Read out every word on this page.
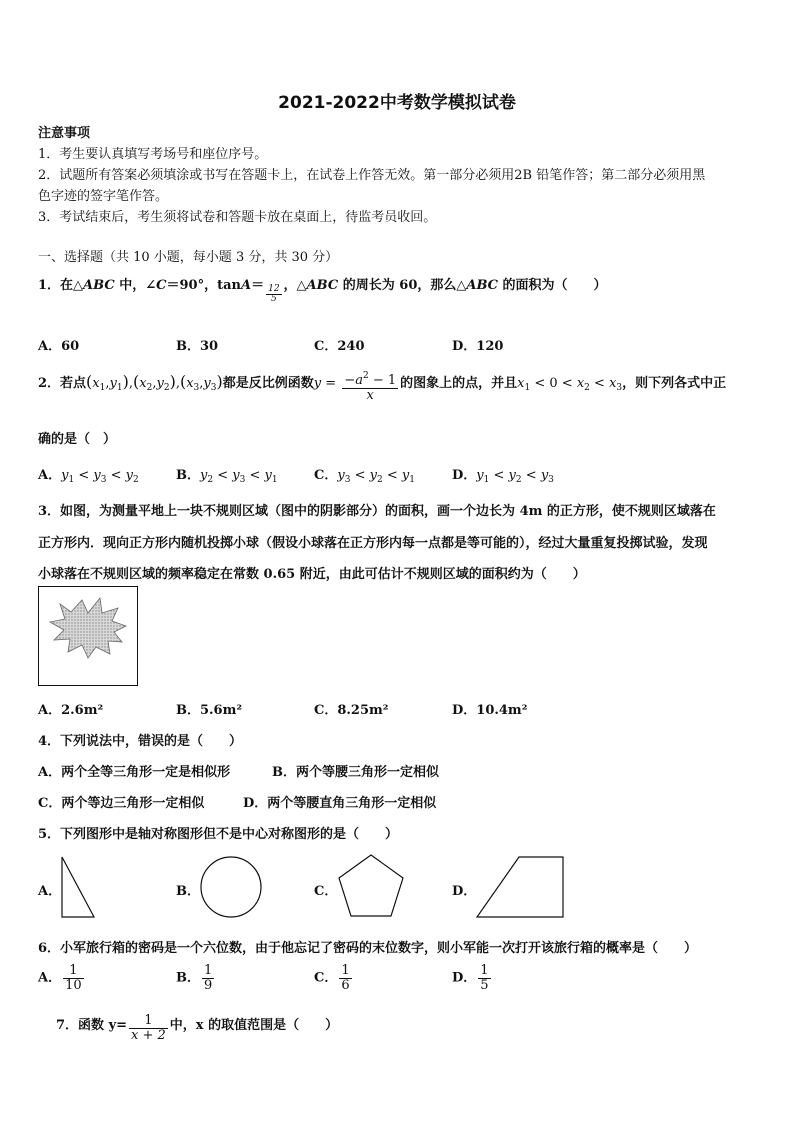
2021-2022中考数学模拟试卷
注意事项
1．考生要认真填写考场号和座位序号。
2．试题所有答案必须填涂或书写在答题卡上，在试卷上作答无效。第一部分必须用2B 铅笔作答；第二部分必须用黑
色字迹的签字笔作答。
3．考试结束后，考生须将试卷和答题卡放在桌面上，待监考员收回。
一、选择题（共 10 小题，每小题 3 分，共 30 分）
1．在△ABC 中，∠C＝90°，$\tan A= \frac{12}{5}$ ，△ABC 的周长为 60，那么△ABC 的面积为（　　）
A．60	B．30	C．240	D．120
2．若点$(x_1,y_1),(x_2,y_2),(x_3,y_3)$都是反比例函数$y = \frac{-a^2 - 1}{x}$ 的图象上的点，并且$x_1 < 0 < x_2 < x_3$，则下列各式中正
确的是（　）
A．$y_1 < y_3 < y_2$	B．$y_2 < y_3 < y_1$	C．$y_3 < y_2 < y_1$	D．$y_1 < y_2 < y_3$
3．如图，为测量平地上一块不规则区域（图中的阴影部分）的面积，画一个边长为 4m 的正方形，使不规则区域落在
正方形内．现向正方形内随机投掷小球（假设小球落在正方形内每一点都是等可能的），经过大量重复投掷试验，发现
小球落在不规则区域的频率稳定在常数 0.65 附近，由此可估计不规则区域的面积约为（　　）
A．2.6m²	B．5.6m²	C．8.25m²	D．10.4m²
4．下列说法中，错误的是（　　）
A．两个全等三角形一定是相似形	B．两个等腰三角形一定相似
C．两个等边三角形一定相似	D．两个等腰直角三角形一定相似
5．下列图形中是轴对称图形但不是中心对称图形的是（　　）
A．	B．	C．	D．
6．小军旅行箱的密码是一个六位数，由于他忘记了密码的末位数字，则小军能一次打开该旅行箱的概率是（　　）
A． $\frac{1}{10}$	B． $\frac{1}{9}$	C． $\frac{1}{6}$	D． $\frac{1}{5}$
7．函数 $y= \frac{1}{x + 2}$ 中，x 的取值范围是（　　）
